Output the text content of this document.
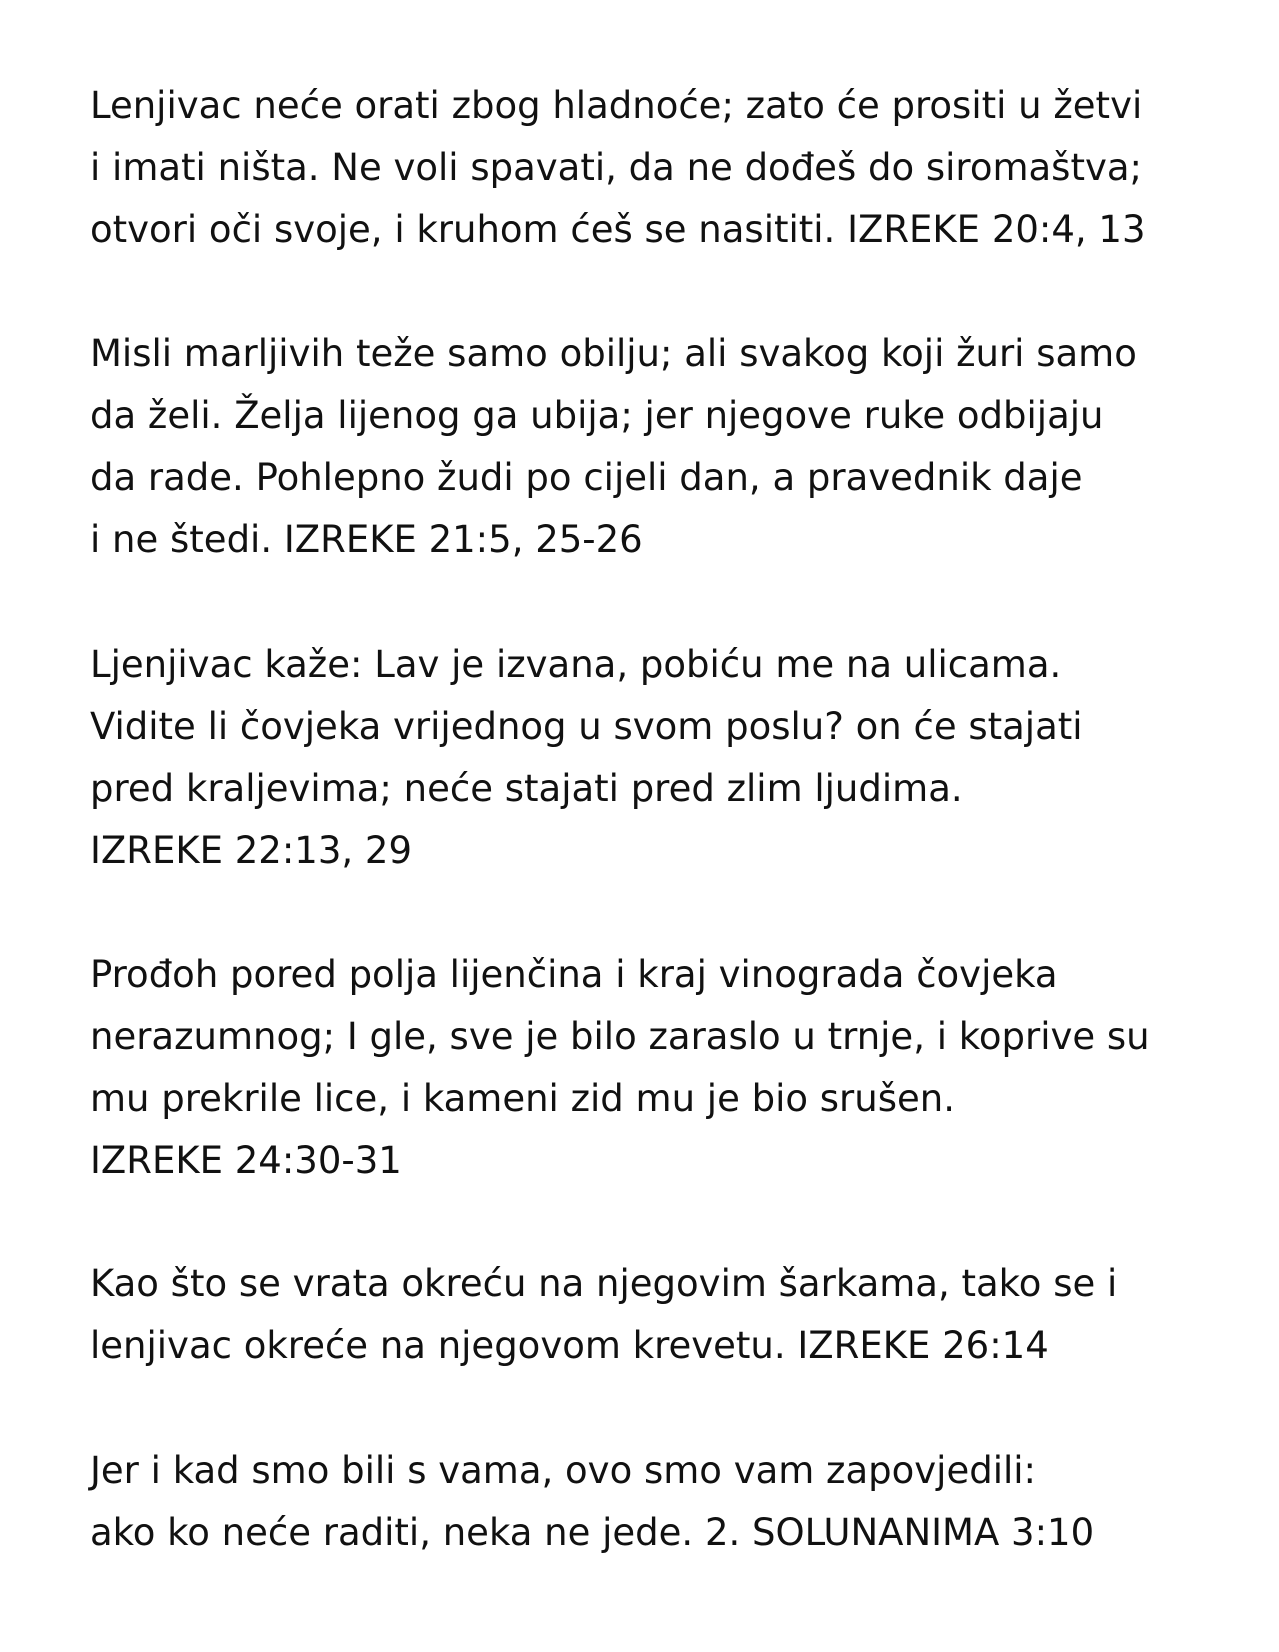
Lenjivac neće orati zbog hladnoće; zato će prositi u žetvi
i imati ništa. Ne voli spavati, da ne dođeš do siromaštva;
otvori oči svoje, i kruhom ćeš se nasititi. IZREKE 20:4, 13

Misli marljivih teže samo obilju; ali svakog koji žuri samo
da želi. Želja lijenog ga ubija; jer njegove ruke odbijaju
da rade. Pohlepno žudi po cijeli dan, a pravednik daje
i ne štedi. IZREKE 21:5, 25-26

Ljenjivac kaže: Lav je izvana, pobiću me na ulicama.
Vidite li čovjeka vrijednog u svom poslu? on će stajati
pred kraljevima; neće stajati pred zlim ljudima.
IZREKE 22:13, 29

Prođoh pored polja lijenčina i kraj vinograda čovjeka
nerazumnog; I gle, sve je bilo zaraslo u trnje, i koprive su
mu prekrile lice, i kameni zid mu je bio srušen.
IZREKE 24:30-31

Kao što se vrata okreću na njegovim šarkama, tako se i
lenjivac okreće na njegovom krevetu. IZREKE 26:14

Jer i kad smo bili s vama, ovo smo vam zapovjedili:
ako ko neće raditi, neka ne jede. 2. SOLUNANIMA 3:10
